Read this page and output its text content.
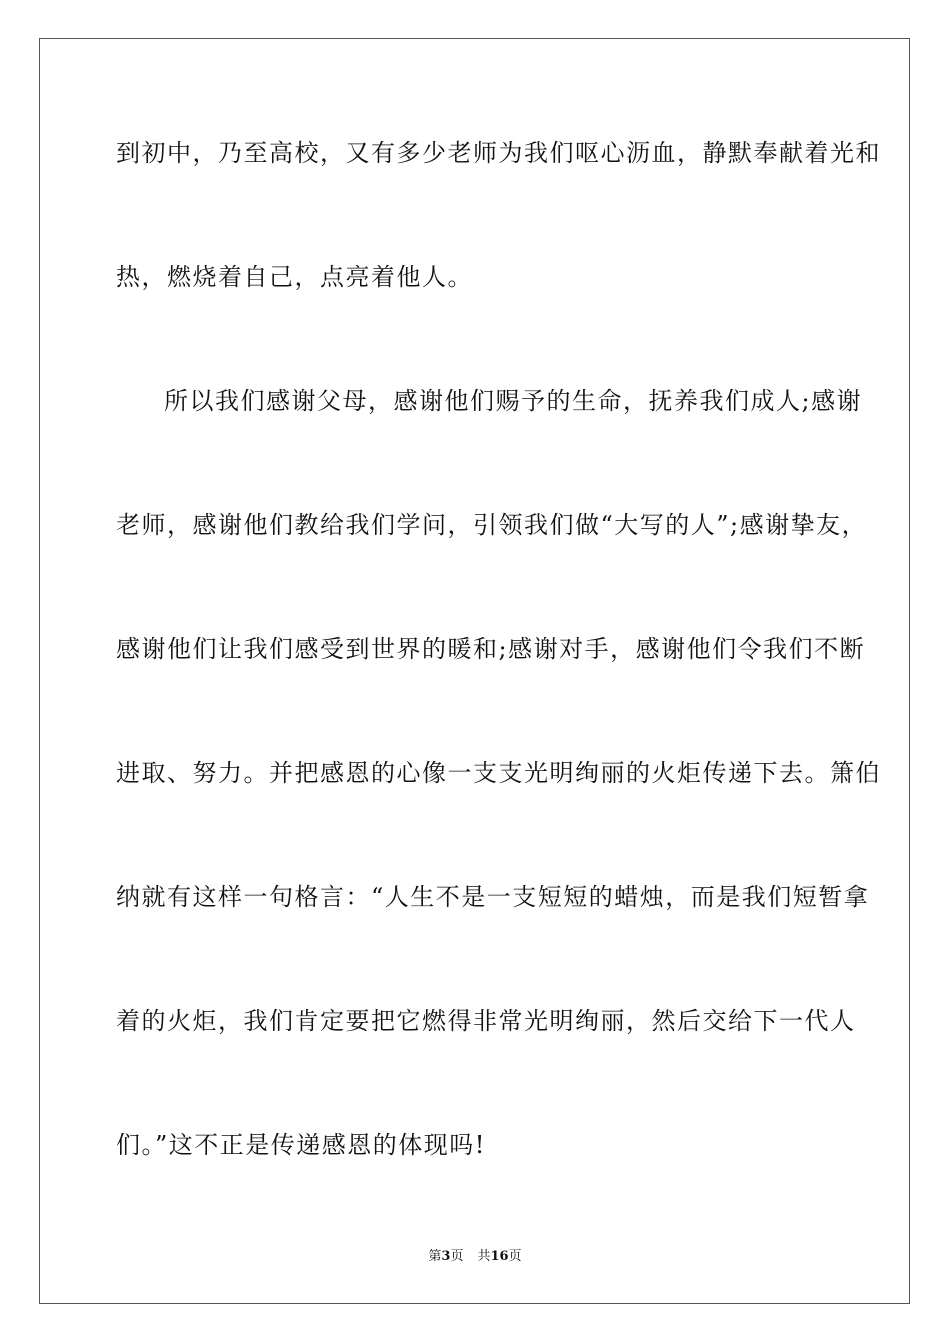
到初中，乃至高校，又有多少老师为我们呕心沥血，静默奉献着光和
热，燃烧着自己，点亮着他人。
所以我们感谢父母，感谢他们赐予的生命，抚养我们成人;感谢
老师，感谢他们教给我们学问，引领我们做“大写的人”;感谢挚友，
感谢他们让我们感受到世界的暖和;感谢对手，感谢他们令我们不断
进取、努力。并把感恩的心像一支支光明绚丽的火炬传递下去。箫伯
纳就有这样一句格言：“人生不是一支短短的蜡烛，而是我们短暂拿
着的火炬，我们肯定要把它燃得非常光明绚丽，然后交给下一代人
们。”这不正是传递感恩的体现吗!
第3页 共16页
